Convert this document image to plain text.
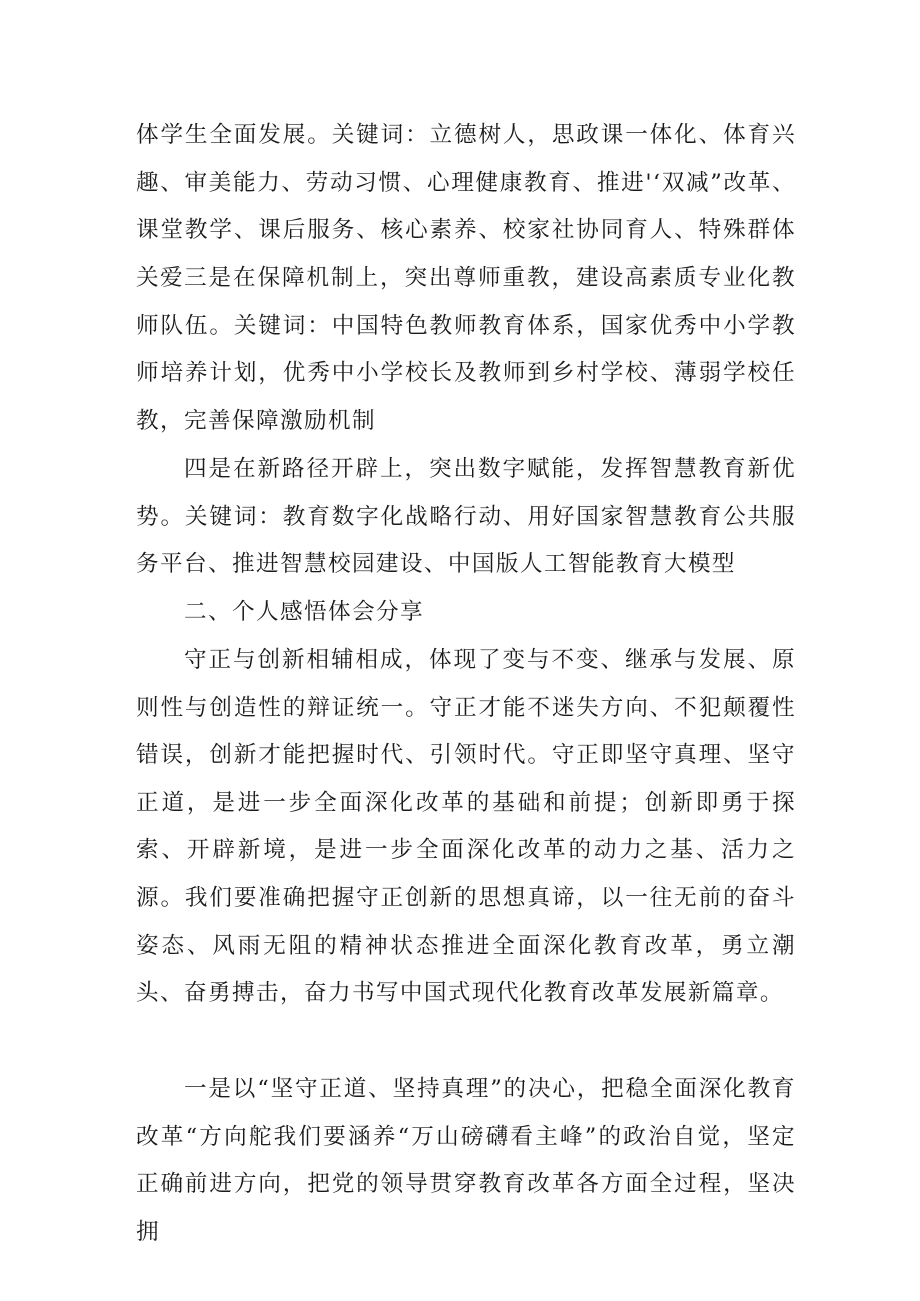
体学生全面发展。关键词：立德树人，思政课一体化、体育兴趣、审美能力、劳动习惯、心理健康教育、推进'‘双减”改革、课堂教学、课后服务、核心素养、校家社协同育人、特殊群体关爱 三是在保障机制上，突出尊师重教，建设高素质专业化教师队伍。关键词：中国特色教师教育体系，国家优秀中小学教师培养计划，优秀中小学校长及教师到乡村学校、薄弱学校任教，完善保障激励机制

四是在新路径开辟上，突出数字赋能，发挥智慧教育新优势。关键词：教育数字化战略行动、用好国家智慧教育公共服务平台、推进智慧校园建设、中国版人工智能教育大模型

二、个人感悟体会分享

守正与创新相辅相成，体现了变与不变、继承与发展、原则性与创造性的辩证统一。守正才能不迷失方向、不犯颠覆性错误，创新才能把握时代、引领时代。守正即坚守真理、坚守正道，是进一步全面深化改革的基础和前提；创新即勇于探索、开辟新境，是进一步全面深化改革的动力之基、活力之源。我们要准确把握守正创新的思想真谛，以一往无前的奋斗姿态、风雨无阻的精神状态推进全面深化教育改革，勇立潮头、奋勇搏击，奋力书写中国式现代化教育改革发展新篇章。

一是以“坚守正道、坚持真理”的决心，把稳全面深化教育改革“方向舵我们要涵养“万山磅礴看主峰”的政治自觉，坚定正确前进方向，把党的领导贯穿教育改革各方面全过程，坚决拥
